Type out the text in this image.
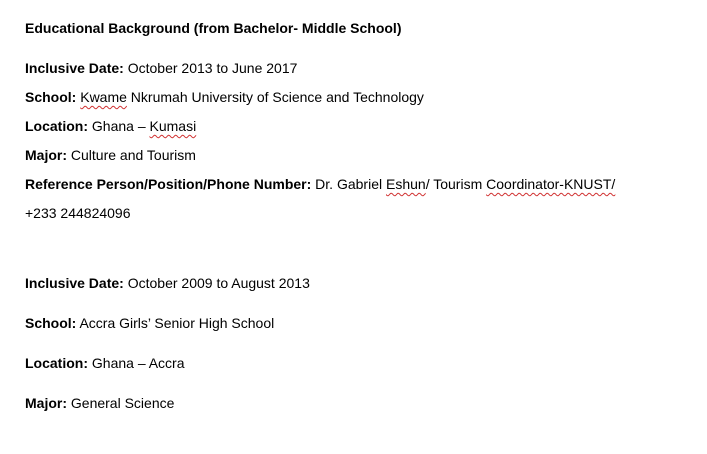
Educational Background (from Bachelor- Middle School)
Inclusive Date: October 2013 to June 2017
School: Kwame Nkrumah University of Science and Technology
Location: Ghana – Kumasi
Major: Culture and Tourism
Reference Person/Position/Phone Number: Dr. Gabriel Eshun/ Tourism Coordinator-KNUST/
+233 244824096
Inclusive Date: October 2009 to August 2013
School: Accra Girls’ Senior High School
Location: Ghana – Accra
Major: General Science
